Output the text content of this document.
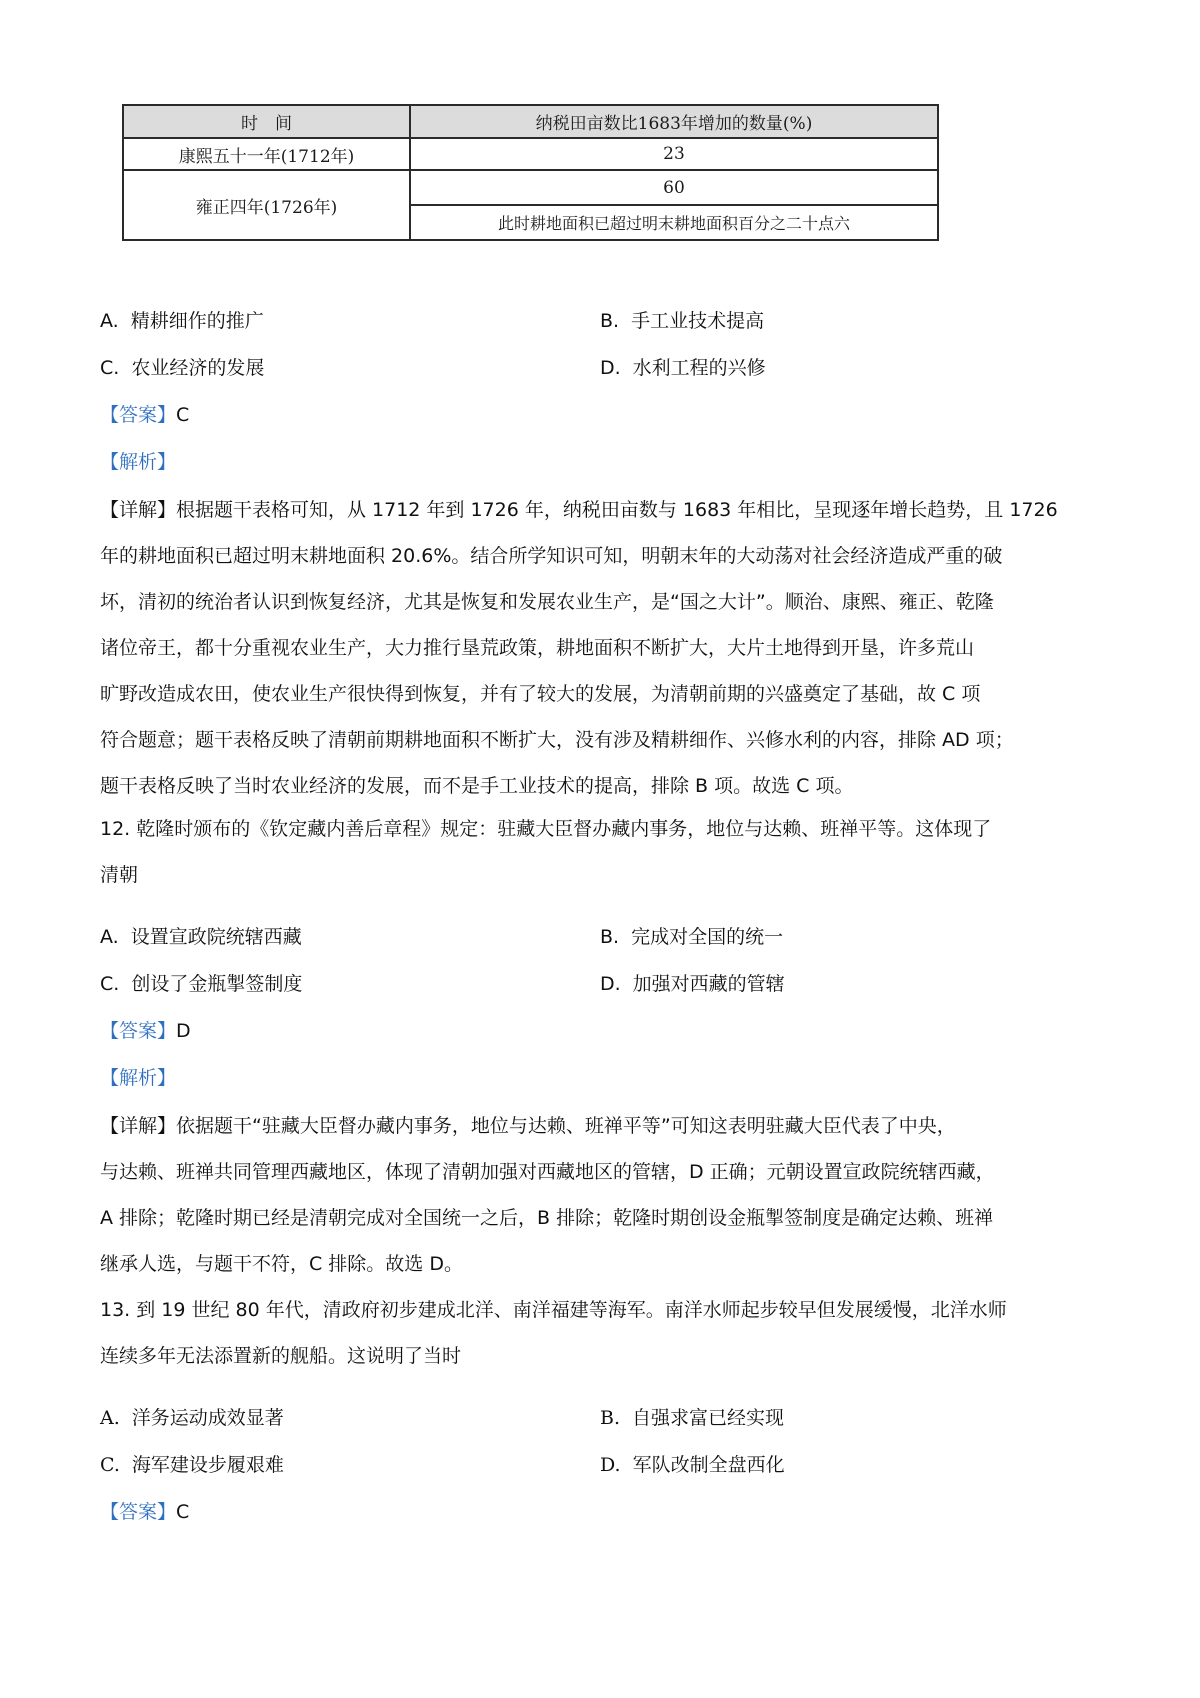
时　间	纳税田亩数比1683年增加的数量(%)
康熙五十一年(1712年)	23
雍正四年(1726年)	60
	此时耕地面积已超过明末耕地面积百分之二十点六
A. 精耕细作的推广	B. 手工业技术提高
C. 农业经济的发展	D. 水利工程的兴修
【答案】C
【解析】

【详解】根据题干表格可知，从 1712 年到 1726 年，纳税田亩数与 1683 年相比，呈现逐年增长趋势，且 1726

年的耕地面积已超过明末耕地面积 20.6%。结合所学知识可知，明朝末年的大动荡对社会经济造成严重的破

坏，清初的统治者认识到恢复经济，尤其是恢复和发展农业生产，是“国之大计”。顺治、康熙、雍正、乾隆

诸位帝王，都十分重视农业生产，大力推行垦荒政策，耕地面积不断扩大，大片土地得到开垦，许多荒山

旷野改造成农田，使农业生产很快得到恢复，并有了较大的发展，为清朝前期的兴盛奠定了基础，故 C 项

符合题意；题干表格反映了清朝前期耕地面积不断扩大，没有涉及精耕细作、兴修水利的内容，排除 AD 项；

题干表格反映了当时农业经济的发展，而不是手工业技术的提高，排除 B 项。故选 C 项。

12. 乾隆时颁布的《钦定藏内善后章程》规定：驻藏大臣督办藏内事务，地位与达赖、班禅平等。这体现了

清朝

A. 设置宣政院统辖西藏	B. 完成对全国的统一
C. 创设了金瓶掣签制度	D. 加强对西藏的管辖
【答案】D
【解析】

【详解】依据题干“驻藏大臣督办藏内事务，地位与达赖、班禅平等”可知这表明驻藏大臣代表了中央，

与达赖、班禅共同管理西藏地区，体现了清朝加强对西藏地区的管辖，D 正确；元朝设置宣政院统辖西藏，

A 排除；乾隆时期已经是清朝完成对全国统一之后，B 排除；乾隆时期创设金瓶掣签制度是确定达赖、班禅

继承人选，与题干不符，C 排除。故选 D。

13. 到 19 世纪 80 年代，清政府初步建成北洋、南洋福建等海军。南洋水师起步较早但发展缓慢，北洋水师

连续多年无法添置新的舰船。这说明了当时

A. 洋务运动成效显著	B. 自强求富已经实现
C. 海军建设步履艰难	D. 军队改制全盘西化
【答案】C
